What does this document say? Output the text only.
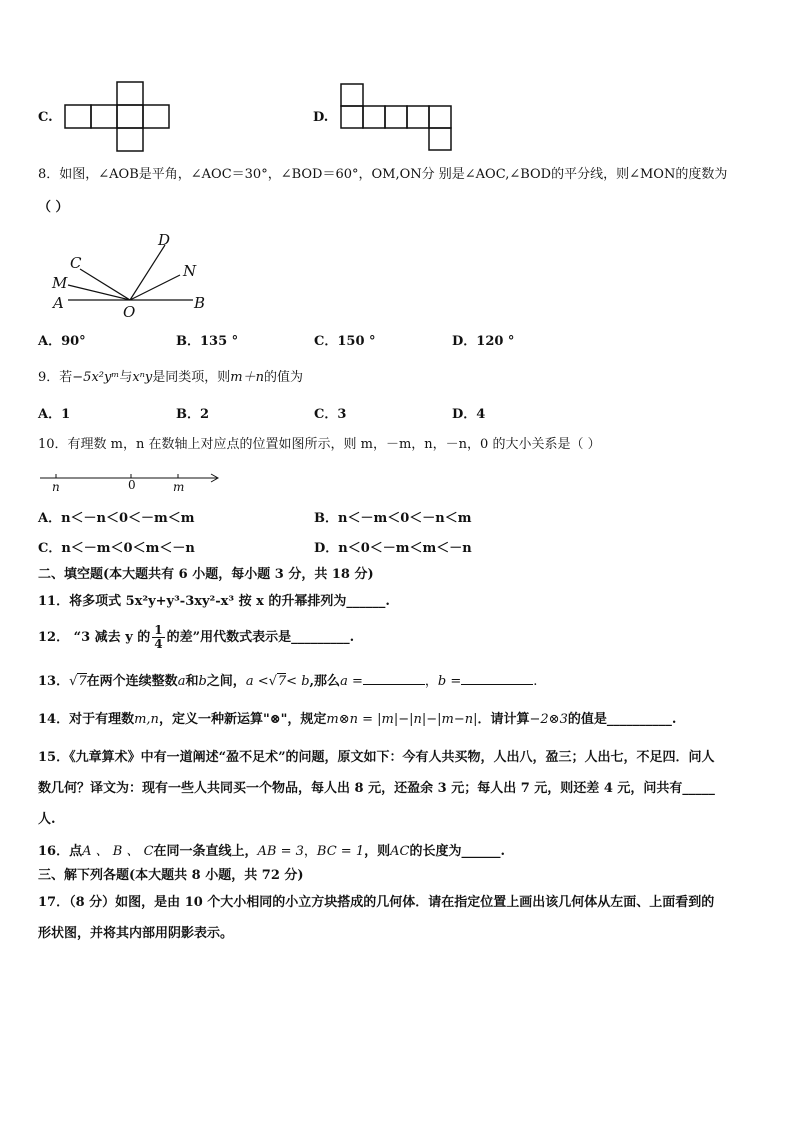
C.	D.
8．如图，∠AOB是平角，∠AOC＝30°，∠BOD＝60°，OM,ON分 别是∠AOC,∠BOD的平分线，则∠MON的度数为
（ ）
D
C	N
M
A	O	B
A．90°	B．135 °	C．150 °	D．120 °
9．若−5x²yᵐ与xⁿy是同类项，则m＋n的值为
A．1	B．2	C．3	D．4
10．有理数 m，n 在数轴上对应点的位置如图所示，则 m，－m，n，－n，0 的大小关系是（ ）
n	0	m
A．n＜－n＜0＜－m＜m	B．n＜－m＜0＜－n＜m
C．n＜－m＜0＜m＜－n	D．n＜0＜－m＜m＜－n
二、填空题(本大题共有 6 小题，每小题 3 分，共 18 分)
11．将多项式 5x²y+y³-3xy²-x³ 按 x 的升幂排列为______.
12． “3 减去 y 的 $\frac{1}{4}$ 的差”用代数式表示是_________.
13．√7在两个连续整数a和b之间，a <√7< b,那么a =	，b =	.
14．对于有理数m,n，定义一种新运算"⊗"，规定m⊗n = |m|−|n|−|m−n|．请计算−2⊗3的值是__________.
15．《九章算术》中有一道阐述“盈不足术”的问题，原文如下：今有人共买物，人出八，盈三；人出七，不足四．问人
数几何？译文为：现有一些人共同买一个物品，每人出 8 元，还盈余 3 元；每人出 7 元，则还差 4 元，问共有_____
人.
16．点A 、 B 、 C在同一条直线上，AB = 3，BC = 1，则AC的长度为______.
三、解下列各题(本大题共 8 小题，共 72 分)
17．（8 分）如图，是由 10 个大小相同的小立方块搭成的几何体．请在指定位置上画出该几何体从左面、上面看到的
形状图，并将其内部用阴影表示。
